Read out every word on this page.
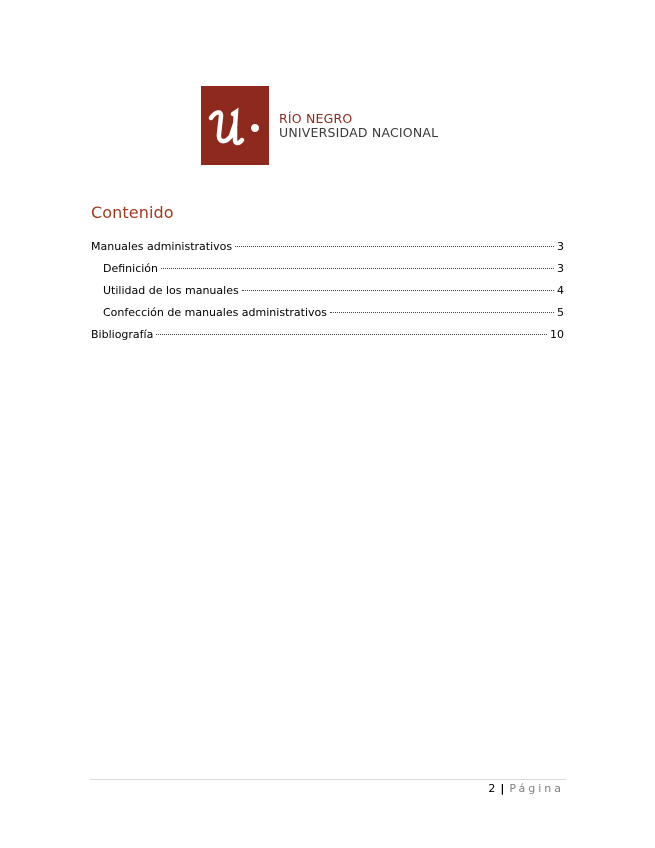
RÍO NEGRO
UNIVERSIDAD NACIONAL
Contenido
Manuales administrativos	3
Definición	3
Utilidad de los manuales	4
Confección de manuales administrativos	5
Bibliografía	10
2 | Página
